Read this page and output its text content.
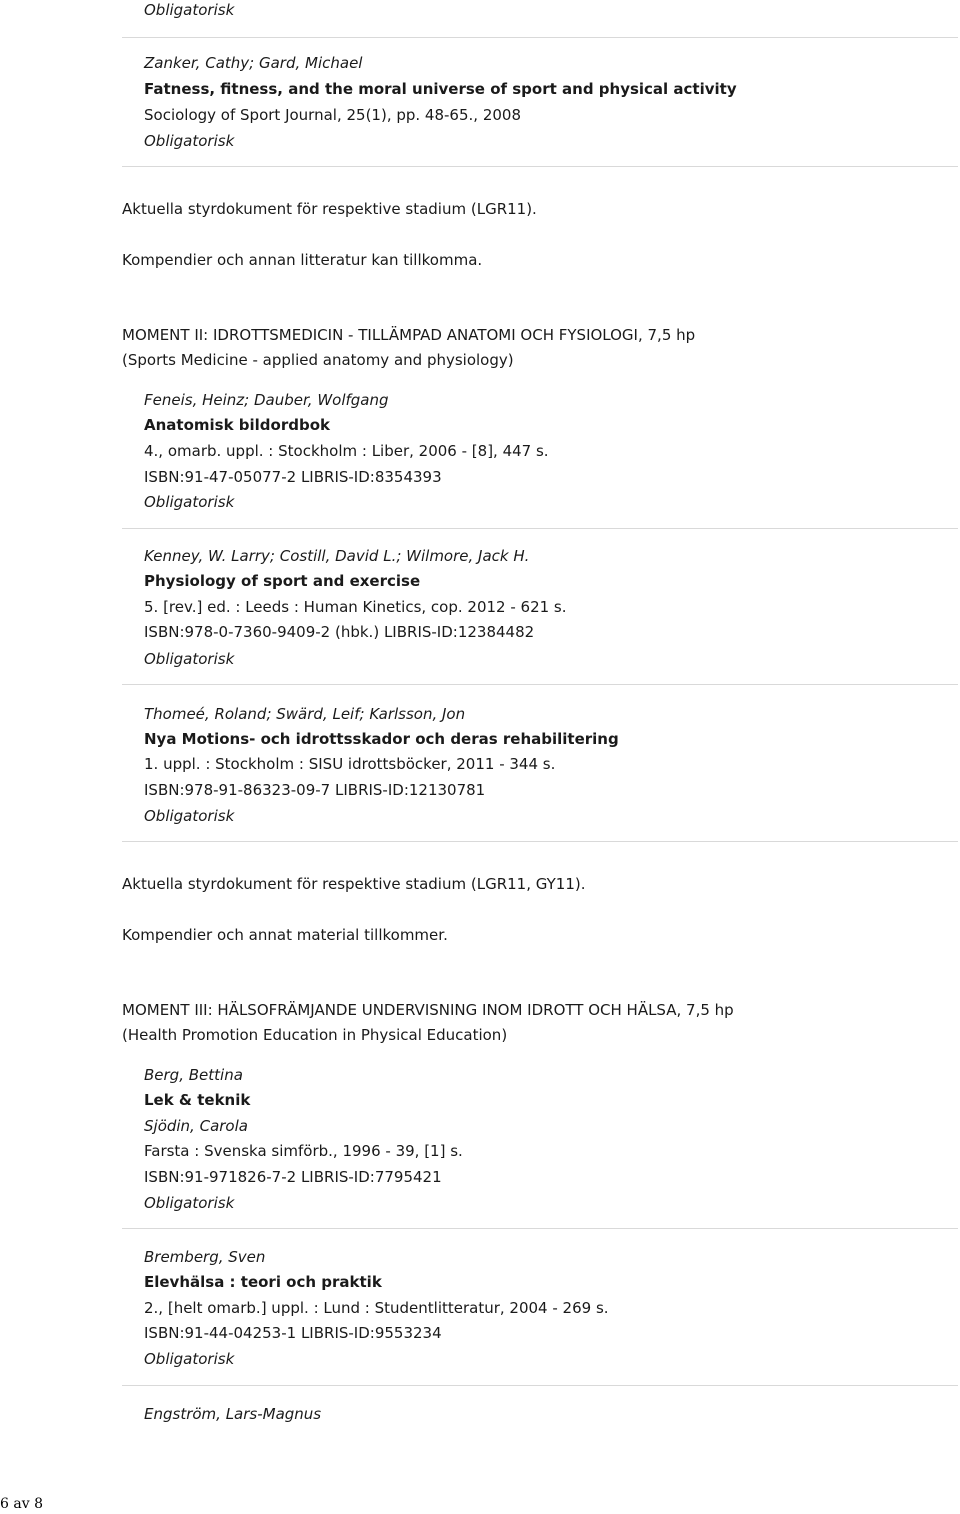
Obligatorisk
Zanker, Cathy; Gard, Michael
Fatness, fitness, and the moral universe of sport and physical activity
Sociology of Sport Journal, 25(1), pp. 48-65., 2008
Obligatorisk
Aktuella styrdokument för respektive stadium (LGR11).
Kompendier och annan litteratur kan tillkomma.
MOMENT II: IDROTTSMEDICIN - TILLÄMPAD ANATOMI OCH FYSIOLOGI, 7,5 hp
(Sports Medicine - applied anatomy and physiology)
Feneis, Heinz; Dauber, Wolfgang
Anatomisk bildordbok
4., omarb. uppl. : Stockholm : Liber, 2006 - [8], 447 s.
ISBN:91-47-05077-2 LIBRIS-ID:8354393
Obligatorisk
Kenney, W. Larry; Costill, David L.; Wilmore, Jack H.
Physiology of sport and exercise
5. [rev.] ed. : Leeds : Human Kinetics, cop. 2012 - 621 s.
ISBN:978-0-7360-9409-2 (hbk.) LIBRIS-ID:12384482
Obligatorisk
Thomeé, Roland; Swärd, Leif; Karlsson, Jon
Nya Motions- och idrottsskador och deras rehabilitering
1. uppl. : Stockholm : SISU idrottsböcker, 2011 - 344 s.
ISBN:978-91-86323-09-7 LIBRIS-ID:12130781
Obligatorisk
Aktuella styrdokument för respektive stadium (LGR11, GY11).
Kompendier och annat material tillkommer.
MOMENT III: HÄLSOFRÄMJANDE UNDERVISNING INOM IDROTT OCH HÄLSA, 7,5 hp
(Health Promotion Education in Physical Education)
Berg, Bettina
Lek & teknik
Sjödin, Carola
Farsta : Svenska simförb., 1996 - 39, [1] s.
ISBN:91-971826-7-2 LIBRIS-ID:7795421
Obligatorisk
Bremberg, Sven
Elevhälsa : teori och praktik
2., [helt omarb.] uppl. : Lund : Studentlitteratur, 2004 - 269 s.
ISBN:91-44-04253-1 LIBRIS-ID:9553234
Obligatorisk
Engström, Lars-Magnus
6 av 8
